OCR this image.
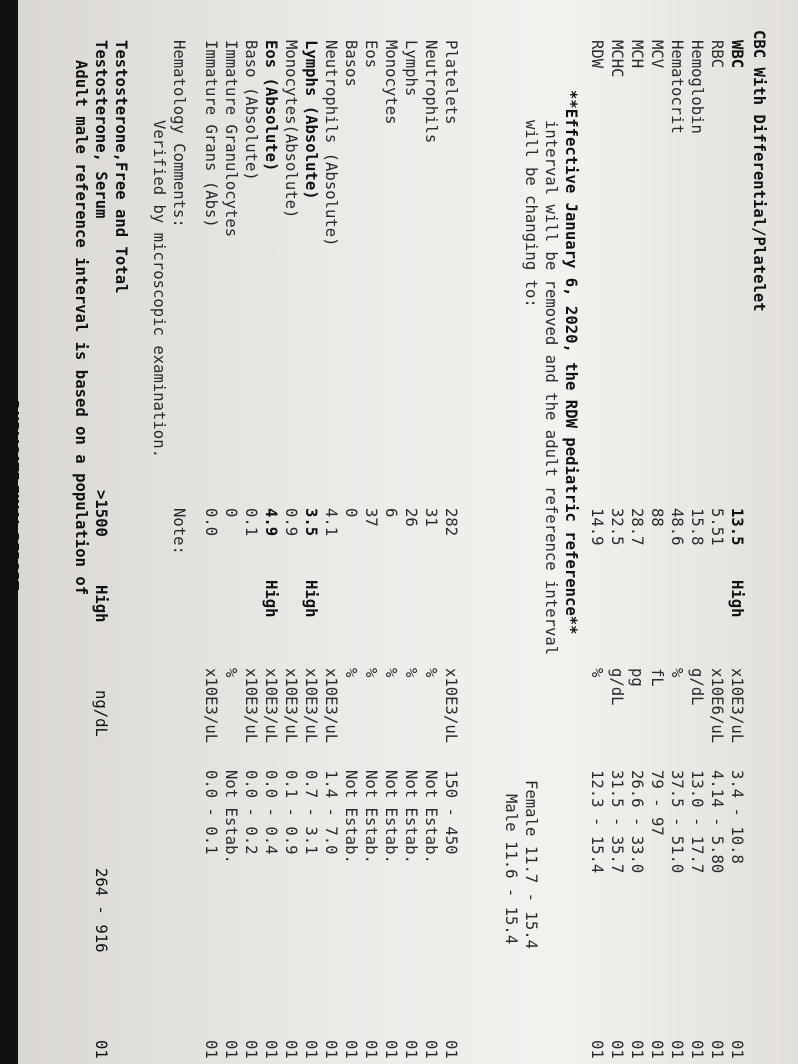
CBC With Differential/Platelet

WBC
13.5
High
x10E3/uL
3.4 - 10.8
01
RBC
5.51
x10E6/uL
4.14 - 5.80
01
Hemoglobin
15.8
g/dL
13.0 - 17.7
01
Hematocrit
48.6
%
37.5 - 51.0
01
MCV
88
fL
79 - 97
01
MCH
28.7
pg
26.6 - 33.0
01
MCHC
32.5
g/dL
31.5 - 35.7
01
RDW
14.9
%
12.3 - 15.4
01
**Effective January 6, 2020, the RDW pediatric reference**
interval will be removed and the adult reference interval
will be changing to:
Female 11.7 - 15.4
Male 11.6 - 15.4
Platelets
282
x10E3/uL
150 - 450
01
Neutrophils
31
%
Not Estab.
01
Lymphs
26
%
Not Estab.
01
Monocytes
6
%
Not Estab.
01
Eos
37
%
Not Estab.
01
Basos
0
%
Not Estab.
01
Neutrophils (Absolute)
4.1
x10E3/uL
1.4 - 7.0
01
Lymphs (Absolute)
3.5
High
x10E3/uL
0.7 - 3.1
01
Monocytes(Absolute)
0.9
x10E3/uL
0.1 - 0.9
01
Eos (Absolute)
4.9
High
x10E3/uL
0.0 - 0.4
01
Baso (Absolute)
0.1
x10E3/uL
0.0 - 0.2
01
Immature Granulocytes
0
%
Not Estab.
01
Immature Grans (Abs)
0.0
x10E3/uL
0.0 - 0.1
01

Hematology Comments:

Note:

Verified by microscopic examination.

Testosterone,Free and Total

Testosterone, Serum

>1500

High

ng/dL

264 - 916

01

Adult male reference interval is based on a population of

Detailed WQWORKIT
DUPLICATE FINAL REPORT
Page 1 of
